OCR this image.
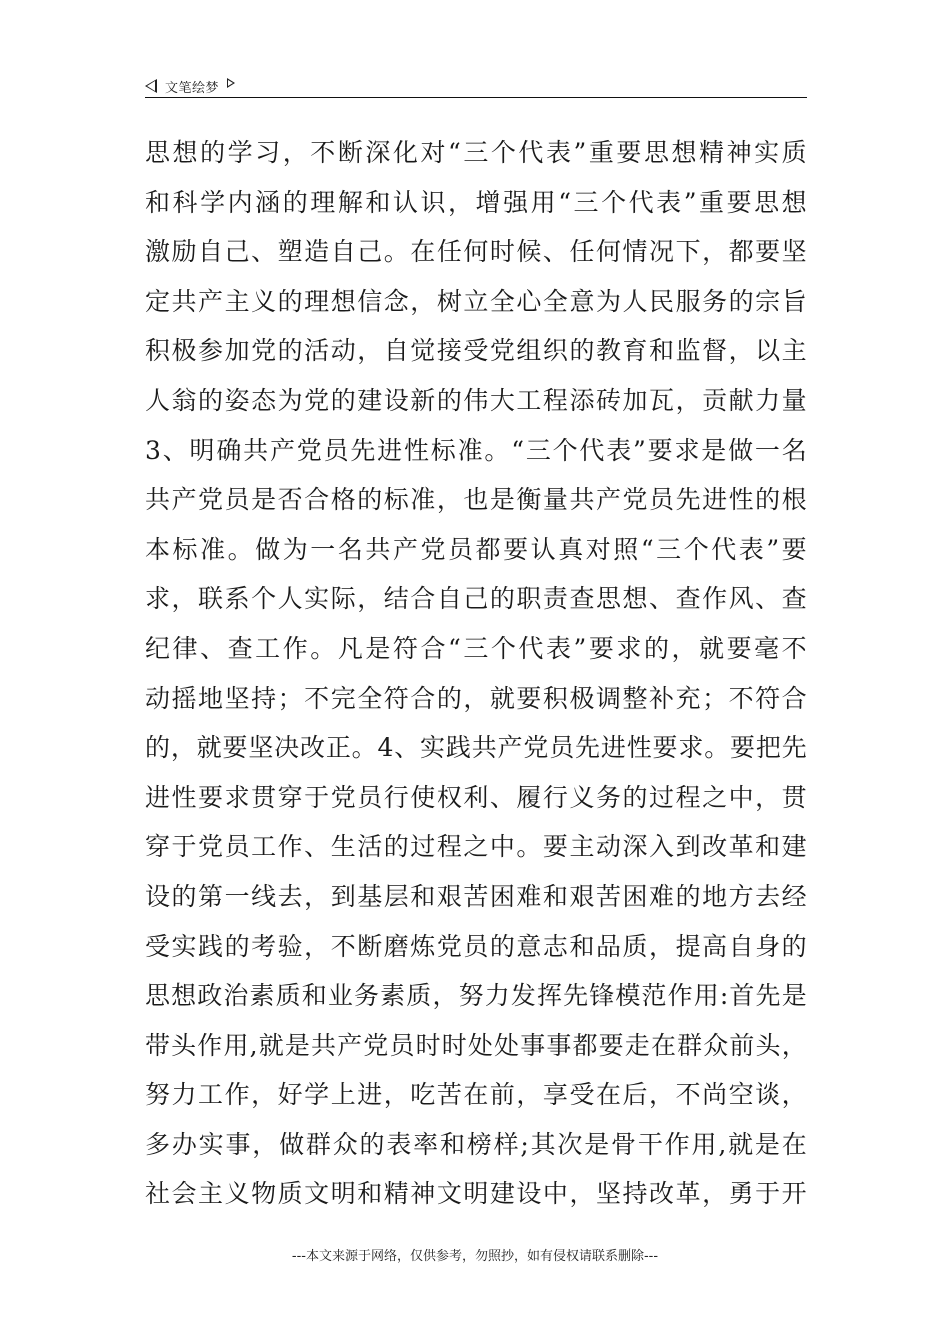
文笔绘梦
思想的学习，不断深化对“三个代表”重要思想精神实质
和科学内涵的理解和认识，增强用“三个代表”重要思想
激励自己、塑造自己。在任何时候、任何情况下，都要坚
定共产主义的理想信念，树立全心全意为人民服务的宗旨
积极参加党的活动，自觉接受党组织的教育和监督，以主
人翁的姿态为党的建设新的伟大工程添砖加瓦，贡献力量
3、明确共产党员先进性标准。“三个代表”要求是做一名
共产党员是否合格的标准，也是衡量共产党员先进性的根
本标准。做为一名共产党员都要认真对照“三个代表”要
求，联系个人实际，结合自己的职责查思想、查作风、查
纪律、查工作。凡是符合“三个代表”要求的，就要毫不
动摇地坚持；不完全符合的，就要积极调整补充；不符合
的，就要坚决改正。4、实践共产党员先进性要求。要把先
进性要求贯穿于党员行使权利、履行义务的过程之中，贯
穿于党员工作、生活的过程之中。要主动深入到改革和建
设的第一线去，到基层和艰苦困难和艰苦困难的地方去经
受实践的考验，不断磨炼党员的意志和品质，提高自身的
思想政治素质和业务素质，努力发挥先锋模范作用:首先是
带头作用,就是共产党员时时处处事事都要走在群众前头，
努力工作，好学上进，吃苦在前，享受在后，不尚空谈，
多办实事，做群众的表率和榜样;其次是骨干作用,就是在
社会主义物质文明和精神文明建设中，坚持改革，勇于开
---本文来源于网络，仅供参考，勿照抄，如有侵权请联系删除---
